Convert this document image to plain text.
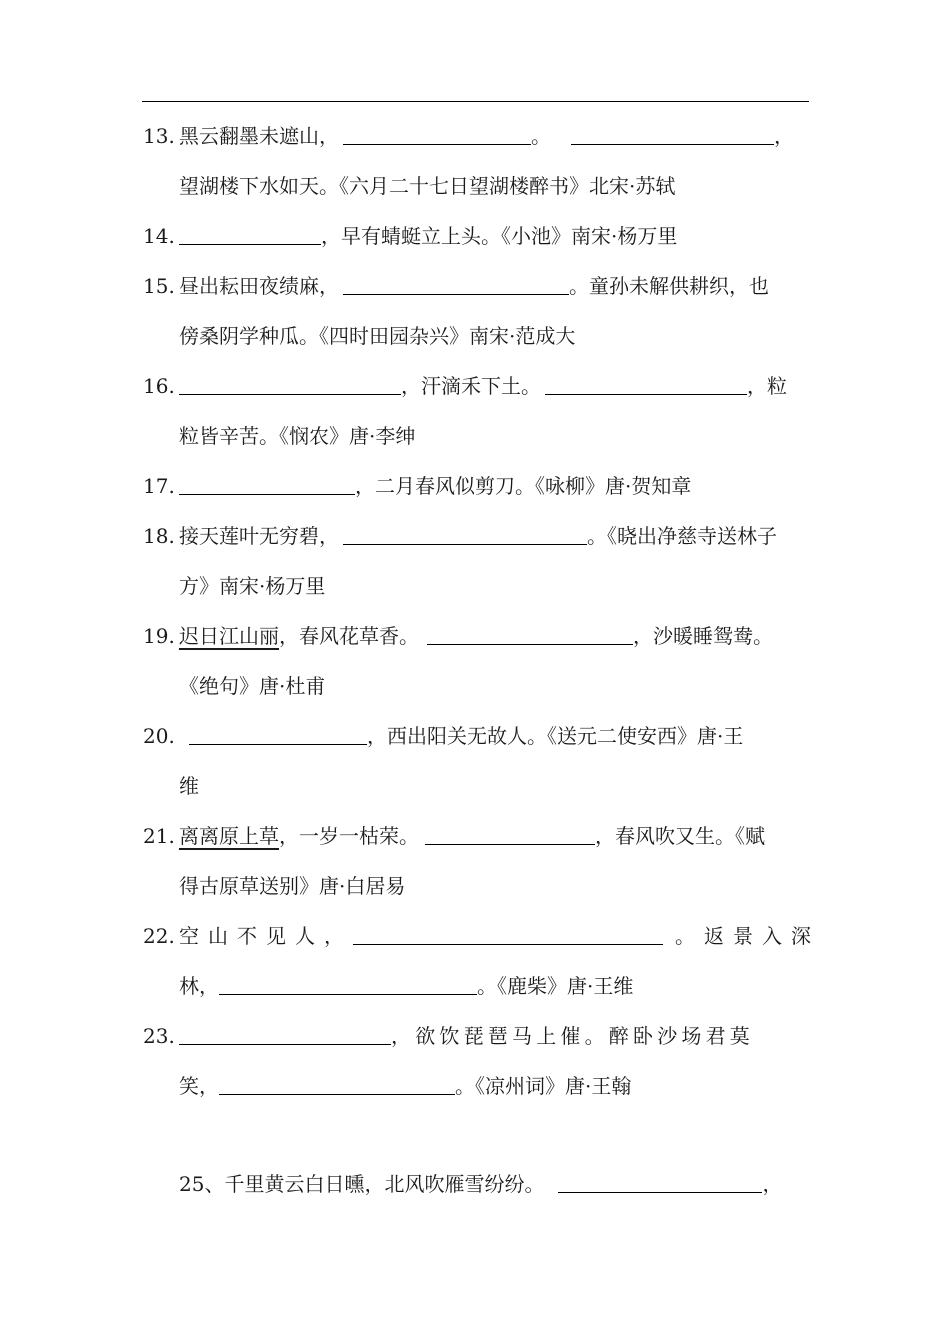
13. 黑云翻墨未遮山，	。	，
望湖楼下水如天。《六月二十七日望湖楼醉书》北宋·苏轼
14.	，早有蜻蜓立上头。《小池》南宋·杨万里
15. 昼出耘田夜绩麻，	。童孙未解供耕织，也
傍桑阴学种瓜。《四时田园杂兴》南宋·范成大
16.	，汗滴禾下土。	，粒
粒皆辛苦。《悯农》唐·李绅
17.	，二月春风似剪刀。《咏柳》唐·贺知章
18. 接天莲叶无穷碧，	。《晓出净慈寺送林子
方》南宋·杨万里
19. 迟日江山丽，春风花草香。	，沙暖睡鸳鸯。
《绝句》唐·杜甫
20.	，西出阳关无故人。《送元二使安西》唐·王
维
21. 离离原上草，一岁一枯荣。	，春风吹又生。《赋
得古原草送别》唐·白居易
22. 空山不见人，	。返景入深
林，	。《鹿柴》唐·王维
23.	，欲饮琵琶马上催。醉卧沙场君莫
笑，	。《凉州词》唐·王翰
25、千里黄云白日曛，北风吹雁雪纷纷。	，
